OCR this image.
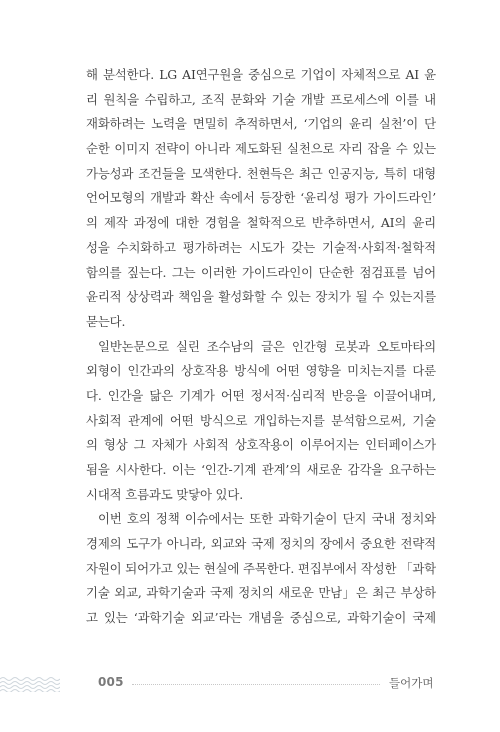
해 분석한다. LG AI연구원을 중심으로 기업이 자체적으로 AI 윤
리 원칙을 수립하고, 조직 문화와 기술 개발 프로세스에 이를 내
재화하려는 노력을 면밀히 추적하면서, ‘기업의 윤리 실천’이 단
순한 이미지 전략이 아니라 제도화된 실천으로 자리 잡을 수 있는
가능성과 조건들을 모색한다. 천현득은 최근 인공지능, 특히 대형
언어모형의 개발과 확산 속에서 등장한 ‘윤리성 평가 가이드라인’
의 제작 과정에 대한 경험을 철학적으로 반추하면서, AI의 윤리
성을 수치화하고 평가하려는 시도가 갖는 기술적·사회적·철학적
함의를 짚는다. 그는 이러한 가이드라인이 단순한 점검표를 넘어
윤리적 상상력과 책임을 활성화할 수 있는 장치가 될 수 있는지를
묻는다.
일반논문으로 실린 조수남의 글은 인간형 로봇과 오토마타의
외형이 인간과의 상호작용 방식에 어떤 영향을 미치는지를 다룬
다. 인간을 닮은 기계가 어떤 정서적·심리적 반응을 이끌어내며,
사회적 관계에 어떤 방식으로 개입하는지를 분석함으로써, 기술
의 형상 그 자체가 사회적 상호작용이 이루어지는 인터페이스가
됨을 시사한다. 이는 ‘인간-기계 관계’의 새로운 감각을 요구하는
시대적 흐름과도 맞닿아 있다.
이번 호의 정책 이슈에서는 또한 과학기술이 단지 국내 정치와
경제의 도구가 아니라, 외교와 국제 정치의 장에서 중요한 전략적
자원이 되어가고 있는 현실에 주목한다. 편집부에서 작성한 「과학
기술 외교, 과학기술과 국제 정치의 새로운 만남」은 최근 부상하
고 있는 ‘과학기술 외교’라는 개념을 중심으로, 과학기술이 국제
005	들어가며
